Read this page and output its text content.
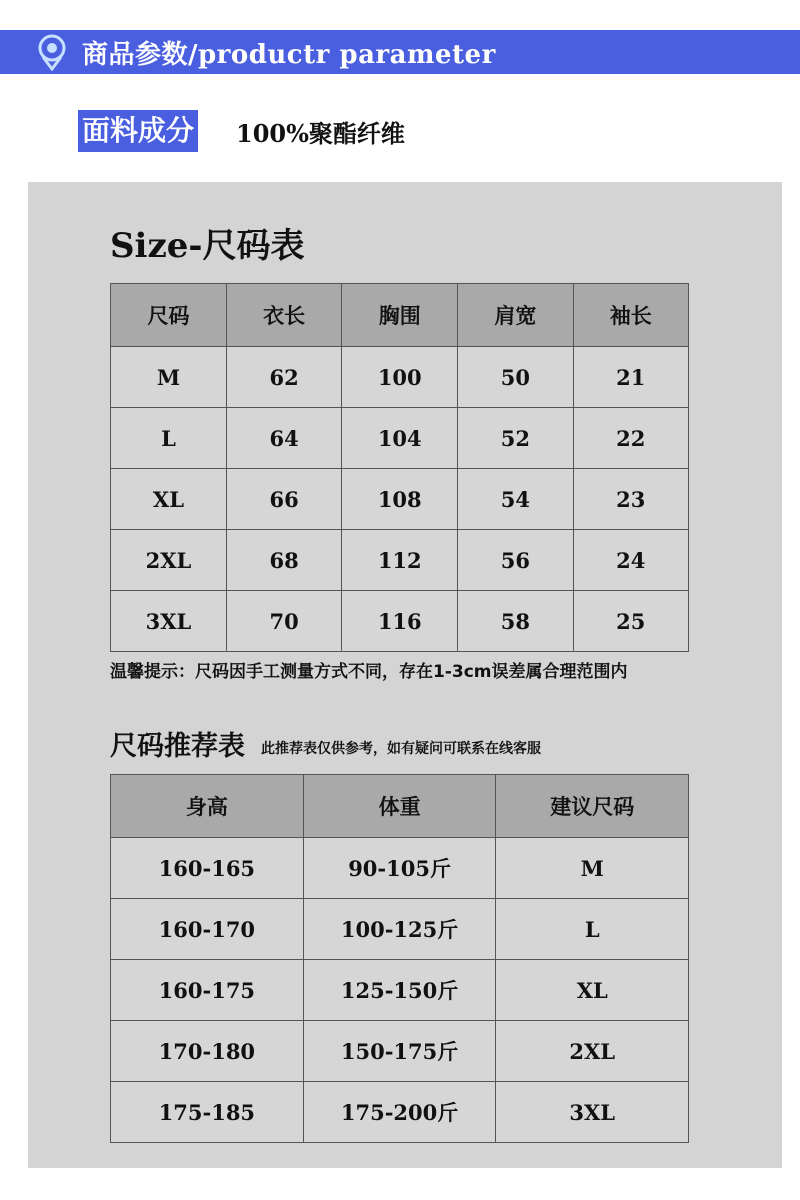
商品参数/productr parameter
面料成分 100%聚酯纤维
Size-尺码表
尺码	衣长	胸围	肩宽	袖长
M	62	100	50	21
L	64	104	52	22
XL	66	108	54	23
2XL	68	112	56	24
3XL	70	116	58	25
温馨提示：尺码因手工测量方式不同，存在1-3cm误差属合理范围内
尺码推荐表 此推荐表仅供参考，如有疑问可联系在线客服
身高	体重	建议尺码
160-165	90-105斤	M
160-170	100-125斤	L
160-175	125-150斤	XL
170-180	150-175斤	2XL
175-185	175-200斤	3XL
